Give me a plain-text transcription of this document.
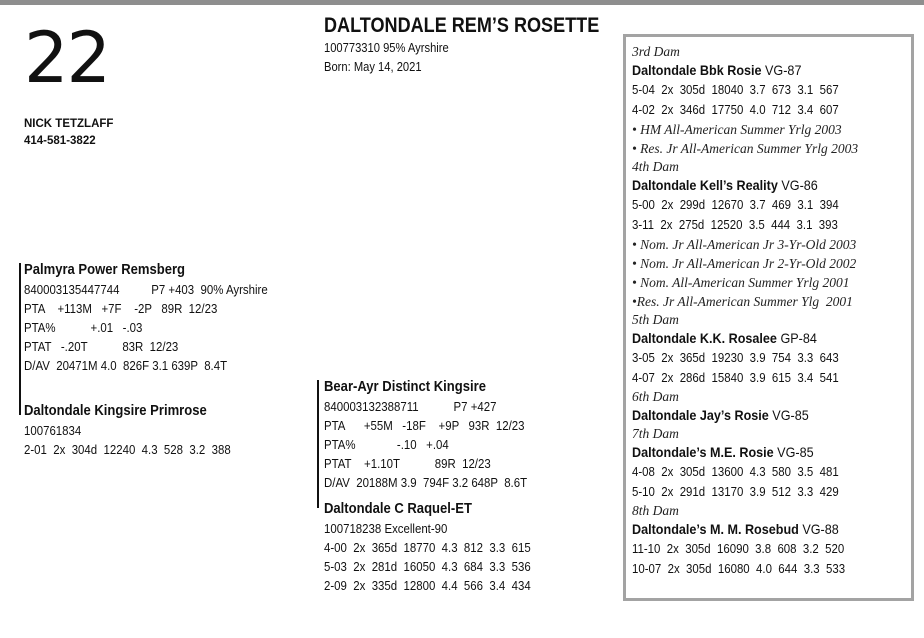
22
NICK TETZLAFF
414-581-3822
DALTONDALE REM’S ROSETTE
100773310 95% Ayrshire
Born: May 14, 2021
Palmyra Power Remsberg
840003135447744          P7 +403  90% Ayrshire
PTA    +113M   +7F    -2P   89R  12/23
PTA%           +.01   -.03
PTAT   -.20T           83R  12/23
D/AV  20471M 4.0  826F 3.1 639P  8.4T
Daltondale Kingsire Primrose
100761834
2-01  2x  304d  12240  4.3  528  3.2  388
Bear-Ayr Distinct Kingsire
840003132388711           P7 +427
PTA      +55M   -18F    +9P   93R  12/23
PTA%             -.10   +.04
PTAT    +1.10T           89R  12/23
D/AV  20188M 3.9  794F 3.2 648P  8.6T
Daltondale C Raquel-ET
100718238 Excellent-90
4-00  2x  365d  18770  4.3  812  3.3  615
5-03  2x  281d  16050  4.3  684  3.3  536
2-09  2x  335d  12800  4.4  566  3.4  434
3rd Dam
Daltondale Bbk Rosie VG-87
5-04  2x  305d  18040  3.7  673  3.1  567
4-02  2x  346d  17750  4.0  712  3.4  607
• HM All-American Summer Yrlg 2003
• Res. Jr All-American Summer Yrlg 2003
4th Dam
Daltondale Kell’s Reality VG-86
5-00  2x  299d  12670  3.7  469  3.1  394
3-11  2x  275d  12520  3.5  444  3.1  393
• Nom. Jr All-American Jr 3-Yr-Old 2003
• Nom. Jr All-American Jr 2-Yr-Old 2002
• Nom. All-American Summer Yrlg 2001
•Res. Jr All-American Summer Ylg  2001
5th Dam
Daltondale K.K. Rosalee GP-84
3-05  2x  365d  19230  3.9  754  3.3  643
4-07  2x  286d  15840  3.9  615  3.4  541
6th Dam
Daltondale Jay’s Rosie VG-85
7th Dam
Daltondale’s M.E. Rosie VG-85
4-08  2x  305d  13600  4.3  580  3.5  481
5-10  2x  291d  13170  3.9  512  3.3  429
8th Dam
Daltondale’s M. M. Rosebud VG-88
11-10  2x  305d  16090  3.8  608  3.2  520
10-07  2x  305d  16080  4.0  644  3.3  533
